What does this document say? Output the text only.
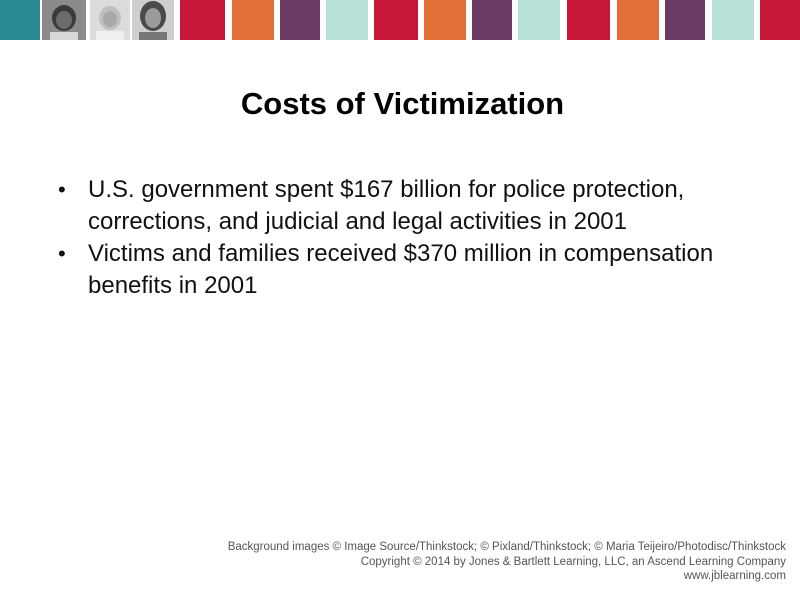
Costs of Victimization
• U.S. government spent $167 billion for police protection, corrections, and judicial and legal activities in 2001
• Victims and families received $370 million in compensation benefits in 2001
Background images © Image Source/Thinkstock; © Pixland/Thinkstock; © Maria Teijeiro/Photodisc/Thinkstock
Copyright © 2014 by Jones & Bartlett Learning, LLC, an Ascend Learning Company
www.jblearning.com
